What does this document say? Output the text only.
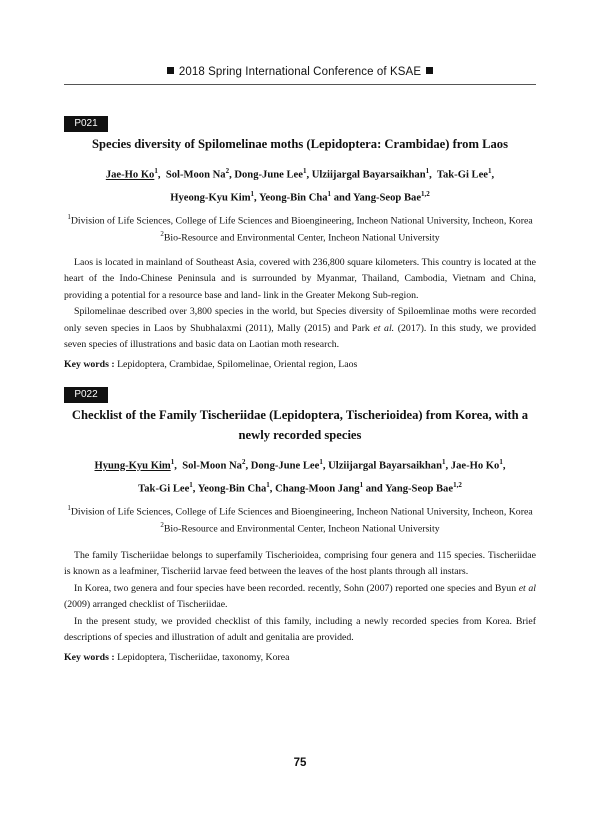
2018 Spring International Conference of KSAE
P021

Species diversity of Spilomelinae moths (Lepidoptera: Crambidae) from Laos

Jae-Ho Ko$^1$,  Sol-Moon Na$^2$, Dong-June Lee$^1$, Ulziijargal Bayarsaikhan$^1$,  Tak-Gi Lee$^1$,
Hyeong-Kyu Kim$^1$, Yeong-Bin Cha$^1$ and Yang-Seop Bae$^{1,2}$

$^1$Division of Life Sciences, College of Life Sciences and Bioengineering, Incheon National University, Incheon, Korea
$^2$Bio-Resource and Environmental Center, Incheon National University

Laos is located in mainland of Southeast Asia, covered with 236,800 square kilometers. This country is located at the heart of the Indo-Chinese Peninsula and is surrounded by Myanmar, Thailand, Cambodia, Vietnam and China, providing a potential for a resource base and land- link in the Greater Mekong Sub-region.

Spilomelinae described over 3,800 species in the world, but Species diversity of Spiloemlinae moths were recorded only seven species in Laos by Shubhalaxmi (2011), Mally (2015) and Park et al. (2017). In this study, we provided seven species of illustrations and basic data on Laotian moth research.

Key words : Lepidoptera, Crambidae, Spilomelinae, Oriental region, Laos

P022

Checklist of the Family Tischeriidae (Lepidoptera, Tischerioidea) from Korea, with a newly recorded species

Hyung-Kyu Kim$^1$,  Sol-Moon Na$^2$, Dong-June Lee$^1$, Ulziijargal Bayarsaikhan$^1$, Jae-Ho Ko$^1$,
Tak-Gi Lee$^1$, Yeong-Bin Cha$^1$, Chang-Moon Jang$^1$ and Yang-Seop Bae$^{1,2}$

$^1$Division of Life Sciences, College of Life Sciences and Bioengineering, Incheon National University, Incheon, Korea
$^2$Bio-Resource and Environmental Center, Incheon National University

The family Tischeriidae belongs to superfamily Tischerioidea, comprising four genera and 115 species. Tischeriidae is known as a leafminer, Tischeriid larvae feed between the leaves of the host plants through all instars.

In Korea, two genera and four species have been recorded. recently, Sohn (2007) reported one species and Byun et al (2009) arranged checklist of Tischeriidae.

In the present study, we provided checklist of this family, including a newly recorded species from Korea. Brief descriptions of species and illustration of adult and genitalia are provided.

Key words : Lepidoptera, Tischeriidae, taxonomy, Korea

75
